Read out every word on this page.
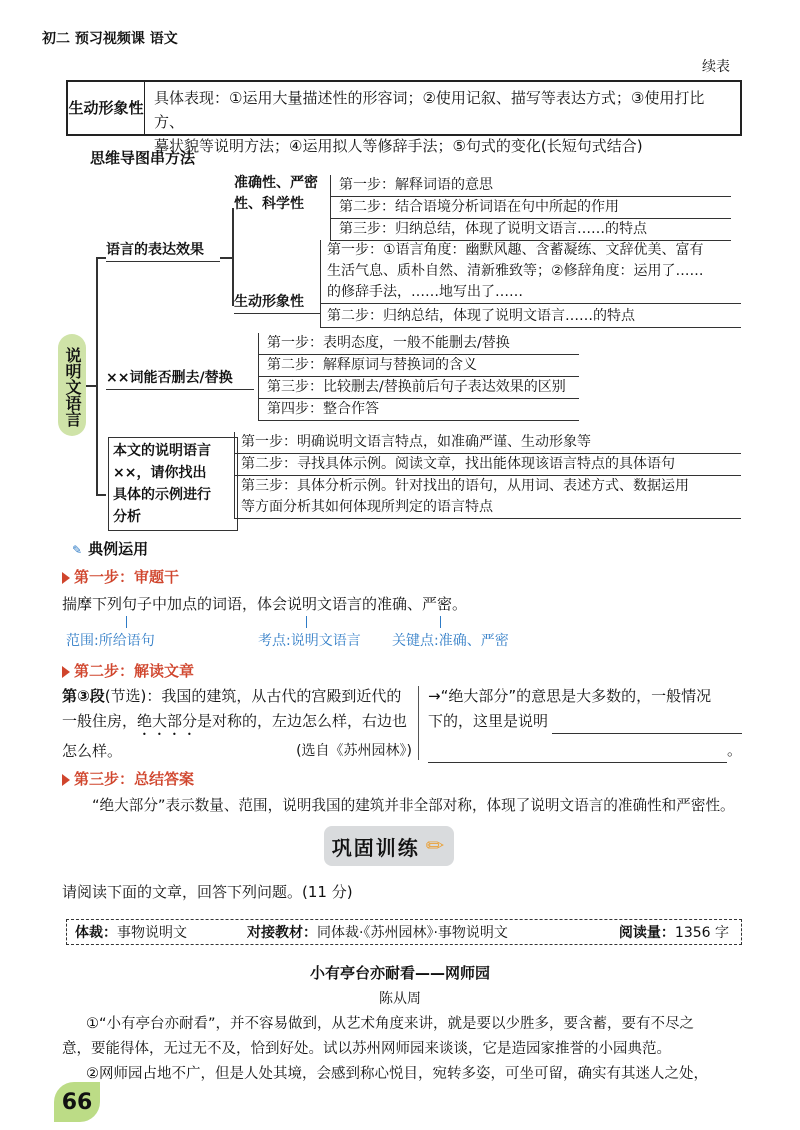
初二 预习视频课 语文
续表
生动形象性
具体表现：①运用大量描述性的形容词；②使用记叙、描写等表达方式；③使用打比方、
摹状貌等说明方法；④运用拟人等修辞手法；⑤句式的变化(长短句式结合)
思维导图串方法
说明文语言
语言的表达效果
准确性、严密
性、科学性
第一步：解释词语的意思
第二步：结合语境分析词语在句中所起的作用
第三步：归纳总结，体现了说明文语言……的特点
生动形象性
第一步：①语言角度：幽默风趣、含蓄凝练、文辞优美、富有
生活气息、质朴自然、清新雅致等；②修辞角度：运用了……
的修辞手法，……地写出了……
第二步：归纳总结，体现了说明文语言……的特点
××词能否删去/替换
第一步：表明态度，一般不能删去/替换
第二步：解释原词与替换词的含义
第三步：比较删去/替换前后句子表达效果的区别
第四步：整合作答
本文的说明语言
××，请你找出
具体的示例进行
分析
第一步：明确说明文语言特点，如准确严谨、生动形象等
第二步：寻找具体示例。阅读文章，找出能体现该语言特点的具体语句
第三步：具体分析示例。针对找出的语句，从用词、表述方式、数据运用
等方面分析其如何体现所判定的语言特点
✎ 典例运用
第一步：审题干
揣摩下列句子中加点的词语，体会说明文语言的准确、严密。
范围:所给语句	考点:说明文语言 关键点:准确、严密
第二步：解读文章
第③段(节选)：我国的建筑，从古代的宫殿到近代的
一般住房，绝大部分是对称的，左边怎么样，右边也
怎么样。	(选自《苏州园林》)
→“绝大部分”的意思是大多数的，一般情况
下的，这里是说明
。
第三步：总结答案
“绝大部分”表示数量、范围，说明我国的建筑并非全部对称，体现了说明文语言的准确性和严密性。
巩固训练 ✏
请阅读下面的文章，回答下列问题。(11 分)
体裁： 事物说明文	对接教材： 同体裁·《苏州园林》·事物说明文	阅读量： 1356 字
小有亭台亦耐看——网师园
陈从周
①“小有亭台亦耐看”，并不容易做到，从艺术角度来讲，就是要以少胜多，要含蓄，要有不尽之
意，要能得体，无过无不及，恰到好处。试以苏州网师园来谈谈，它是造园家推誉的小园典范。
②网师园占地不广，但是人处其境，会感到称心悦目，宛转多姿，可坐可留，确实有其迷人之处，
66
